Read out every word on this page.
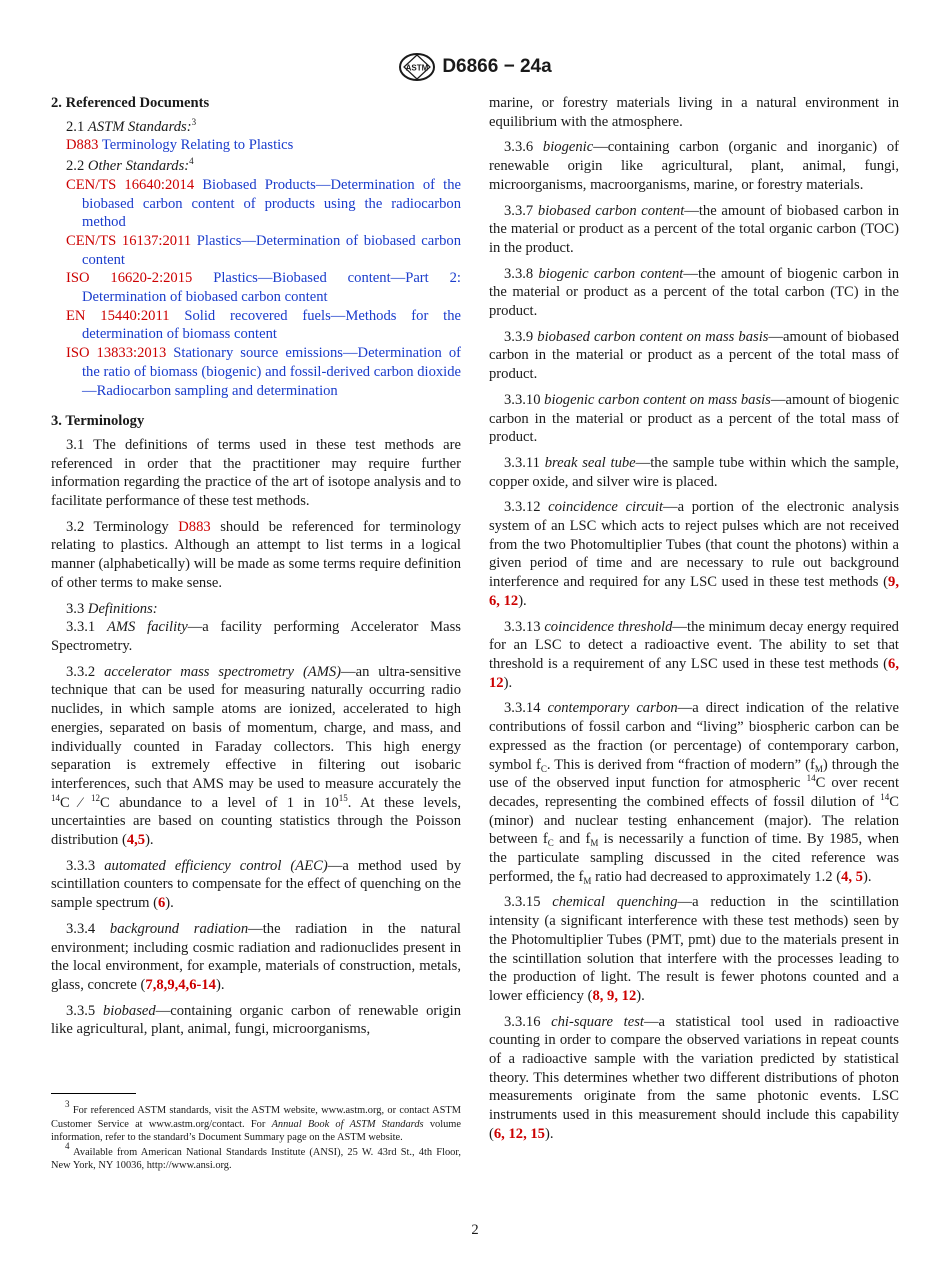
ASTM D6866 − 24a
2. Referenced Documents
2.1 ASTM Standards:$^3$
D883 Terminology Relating to Plastics
2.2 Other Standards:$^4$
CEN/TS 16640:2014 Biobased Products—Determination of the biobased carbon content of products using the radiocarbon method
CEN/TS 16137:2011 Plastics—Determination of biobased carbon content
ISO 16620-2:2015 Plastics—Biobased content—Part 2: Determination of biobased carbon content
EN 15440:2011 Solid recovered fuels—Methods for the determination of biomass content
ISO 13833:2013 Stationary source emissions—Determination of the ratio of biomass (biogenic) and fossil-derived carbon dioxide—Radiocarbon sampling and determination
3. Terminology

3.1 The definitions of terms used in these test methods are referenced in order that the practitioner may require further information regarding the practice of the art of isotope analysis and to facilitate performance of these test methods.

3.2 Terminology D883 should be referenced for terminology relating to plastics. Although an attempt to list terms in a logical manner (alphabetically) will be made as some terms require definition of other terms to make sense.

3.3 Definitions:

3.3.1 AMS facility—a facility performing Accelerator Mass Spectrometry.

3.3.2 accelerator mass spectrometry (AMS)—an ultra-sensitive technique that can be used for measuring naturally occurring radio nuclides, in which sample atoms are ionized, accelerated to high energies, separated on basis of momentum, charge, and mass, and individually counted in Faraday collectors. This high energy separation is extremely effective in filtering out isobaric interferences, such that AMS may be used to measure accurately the $^{14}$C ⁄ $^{12}$C abundance to a level of 1 in $10^{15}$. At these levels, uncertainties are based on counting statistics through the Poisson distribution (4,5).

3.3.3 automated efficiency control (AEC)—a method used by scintillation counters to compensate for the effect of quenching on the sample spectrum (6).

3.3.4 background radiation—the radiation in the natural environment; including cosmic radiation and radionuclides present in the local environment, for example, materials of construction, metals, glass, concrete (7,8,9,4,6-14).

3.3.5 biobased—containing organic carbon of renewable origin like agricultural, plant, animal, fungi, microorganisms,

marine, or forestry materials living in a natural environment in equilibrium with the atmosphere.

3.3.6 biogenic—containing carbon (organic and inorganic) of renewable origin like agricultural, plant, animal, fungi, microorganisms, macroorganisms, marine, or forestry materials.

3.3.7 biobased carbon content—the amount of biobased carbon in the material or product as a percent of the total organic carbon (TOC) in the product.

3.3.8 biogenic carbon content—the amount of biogenic carbon in the material or product as a percent of the total carbon (TC) in the product.

3.3.9 biobased carbon content on mass basis—amount of biobased carbon in the material or product as a percent of the total mass of product.

3.3.10 biogenic carbon content on mass basis—amount of biogenic carbon in the material or product as a percent of the total mass of product.

3.3.11 break seal tube—the sample tube within which the sample, copper oxide, and silver wire is placed.

3.3.12 coincidence circuit—a portion of the electronic analysis system of an LSC which acts to reject pulses which are not received from the two Photomultiplier Tubes (that count the photons) within a given period of time and are necessary to rule out background interference and required for any LSC used in these test methods (9, 6, 12).

3.3.13 coincidence threshold—the minimum decay energy required for an LSC to detect a radioactive event. The ability to set that threshold is a requirement of any LSC used in these test methods (6, 12).

3.3.14 contemporary carbon—a direct indication of the relative contributions of fossil carbon and “living” biospheric carbon can be expressed as the fraction (or percentage) of contemporary carbon, symbol $f_C$. This is derived from “fraction of modern” $(f_M)$ through the use of the observed input function for atmospheric $^{14}$C over recent decades, representing the combined effects of fossil dilution of $^{14}$C (minor) and nuclear testing enhancement (major). The relation between $f_C$ and $f_M$ is necessarily a function of time. By 1985, when the particulate sampling discussed in the cited reference was performed, the $f_M$ ratio had decreased to approximately 1.2 (4, 5).

3.3.15 chemical quenching—a reduction in the scintillation intensity (a significant interference with these test methods) seen by the Photomultiplier Tubes (PMT, pmt) due to the materials present in the scintillation solution that interfere with the processes leading to the production of light. The result is fewer photons counted and a lower efficiency (8, 9, 12).

3.3.16 chi-square test—a statistical tool used in radioactive counting in order to compare the observed variations in repeat counts of a radioactive sample with the variation predicted by statistical theory. This determines whether two different distributions of photon measurements originate from the same photonic events. LSC instruments used in this measurement should include this capability (6, 12, 15).

$^3$ For referenced ASTM standards, visit the ASTM website, www.astm.org, or contact ASTM Customer Service at www.astm.org/contact. For Annual Book of ASTM Standards volume information, refer to the standard’s Document Summary page on the ASTM website.

$^4$ Available from American National Standards Institute (ANSI), 25 W. 43rd St., 4th Floor, New York, NY 10036, http://www.ansi.org.

2
